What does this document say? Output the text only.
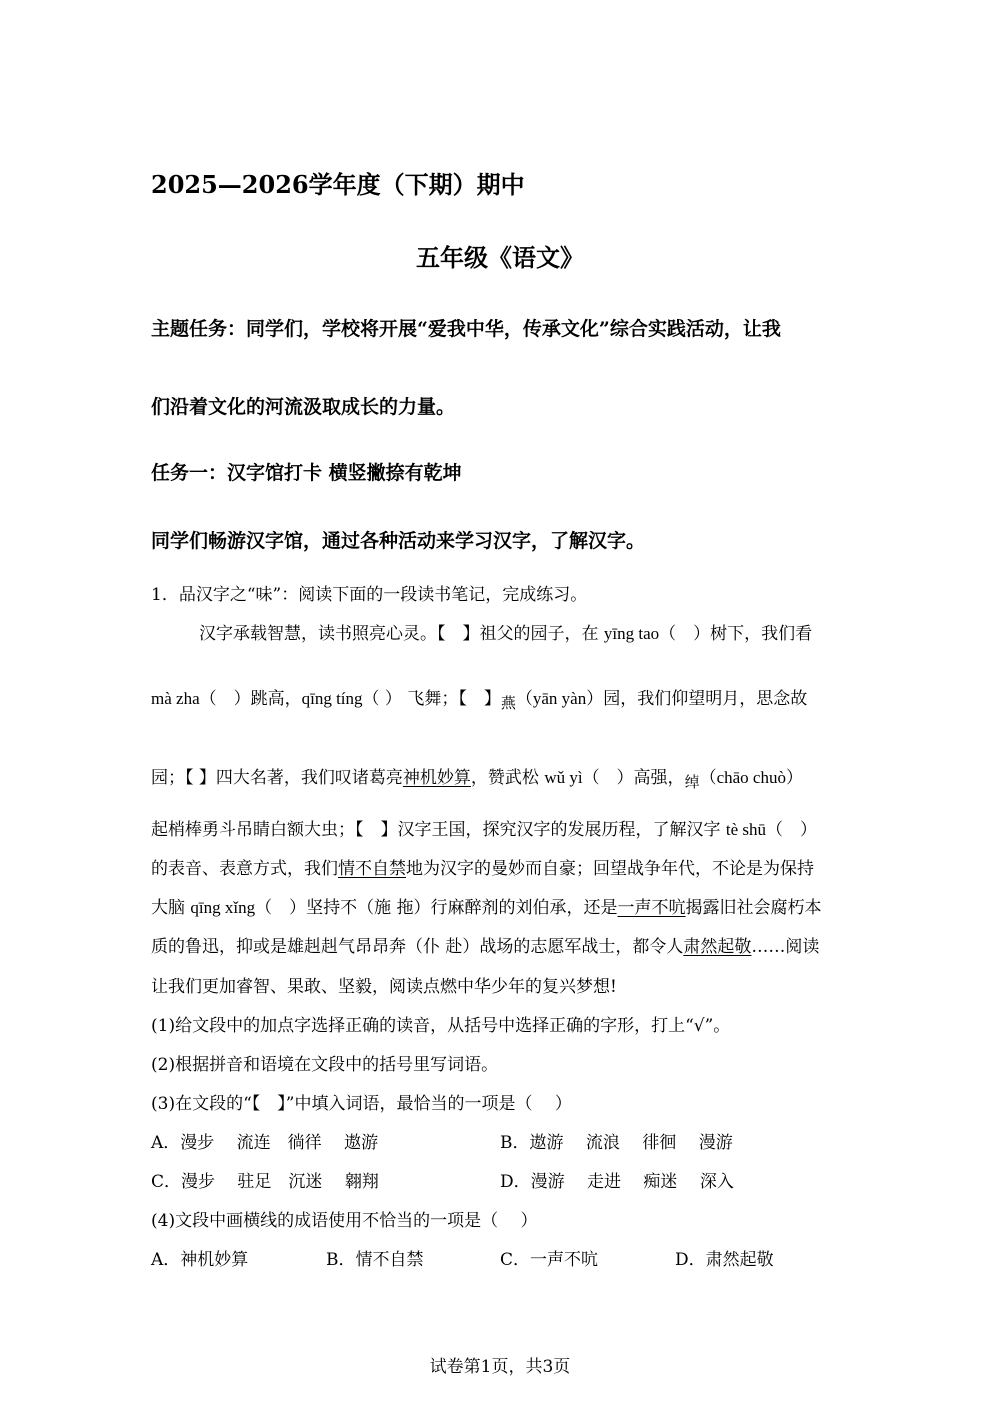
2025—2026学年度（下期）期中
五年级《语文》
主题任务：同学们，学校将开展“爱我中华，传承文化”综合实践活动，让我
们沿着文化的河流汲取成长的力量。
任务一：汉字馆打卡 横竖撇捺有乾坤
同学们畅游汉字馆，通过各种活动来学习汉字，了解汉字。
1．品汉字之“味”：阅读下面的一段读书笔记，完成练习。
汉字承载智慧，读书照亮心灵。【　】祖父的园子，在 yīng tao（　）树下，我们看
mà zha（　）跳高，qīng tíng（ ） 飞舞；【　】燕（yān yàn）园，我们仰望明月，思念故
园；【 】四大名著，我们叹诸葛亮神机妙算，赞武松 wǔ yì（　）高强，绰（chāo chuò）
起梢棒勇斗吊睛白额大虫；【　】汉字王国，探究汉字的发展历程，了解汉字 tè shū（　）
的表音、表意方式，我们情不自禁地为汉字的曼妙而自豪；回望战争年代，不论是为保持
大脑 qīng xǐng（　）坚持不（施 拖）行麻醉剂的刘伯承，还是一声不吭揭露旧社会腐朽本
质的鲁迅，抑或是雄赳赳气昂昂奔（仆 赴）战场的志愿军战士，都令人肃然起敬……阅读
让我们更加睿智、果敢、坚毅，阅读点燃中华少年的复兴梦想!
(1)给文段中的加点字选择正确的读音，从括号中选择正确的字形，打上“√”。
(2)根据拼音和语境在文段中的括号里写词语。
(3)在文段的“【　】”中填入词语，最恰当的一项是（　 ）
A．漫步　 流连　徜徉　 遨游	B．遨游　 流浪　 徘徊　 漫游
C．漫步　 驻足　沉迷　 翱翔	D．漫游　 走进　 痴迷　 深入
(4)文段中画横线的成语使用不恰当的一项是（　 ）
A．神机妙算	B．情不自禁	C．一声不吭	D．肃然起敬
试卷第1页，共3页
